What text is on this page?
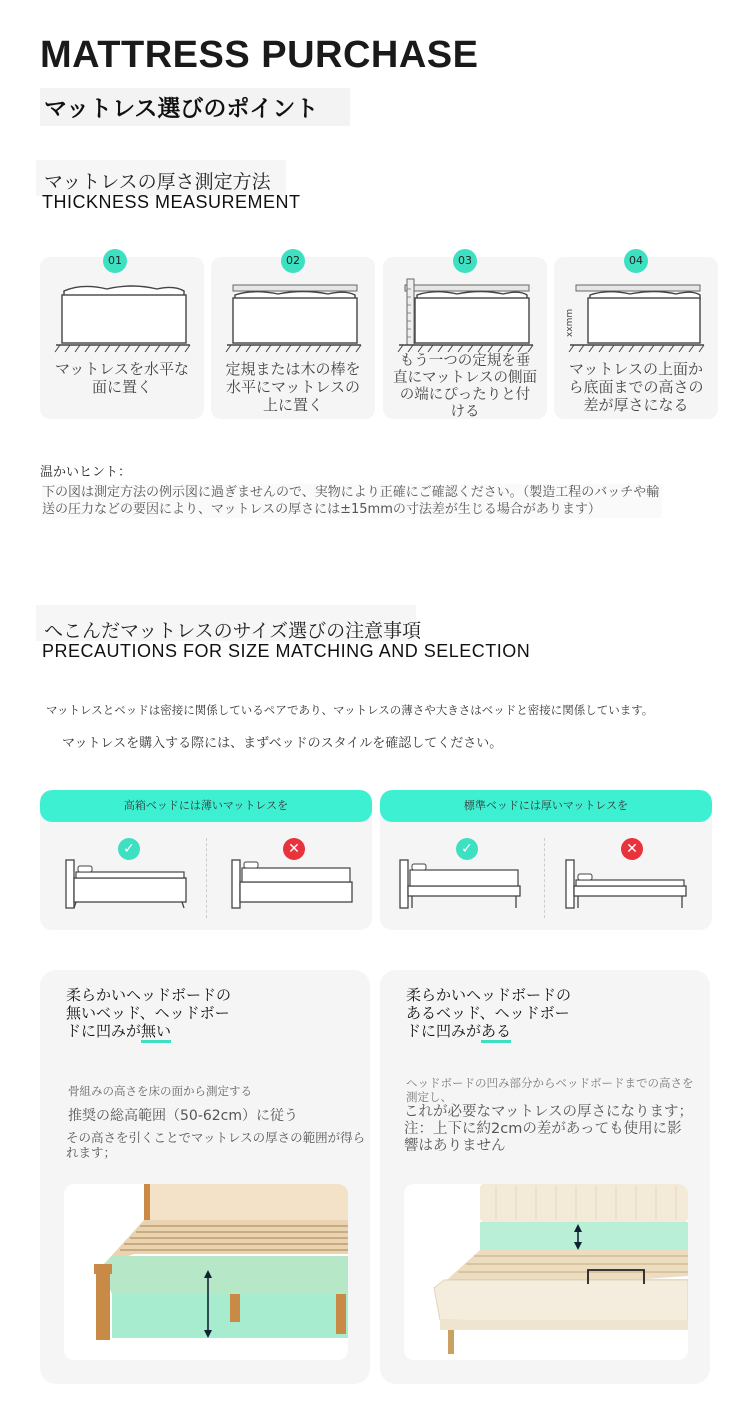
MATTRESS PURCHASE
マットレス選びのポイント
マットレスの厚さ測定方法
THICKNESS MEASUREMENT
マットレスを水平な面に置く
01
定規または木の棒を水平にマットレスの上に置く
02
もう一つの定規を垂直にマットレスの側面の端にぴったりと付ける
03
xxmm
マットレスの上面から底面までの高さの差が厚さになる
04
温かいヒント：
下の図は測定方法の例示図に過ぎませんので、実物により正確にご確認ください。（製造工程のバッチや輸送の圧力などの要因により、マットレスの厚さには±15mmの寸法差が生じる場合があります）
へこんだマットレスのサイズ選びの注意事項
PRECAUTIONS FOR SIZE MATCHING AND SELECTION
マットレスとベッドは密接に関係しているペアであり、マットレスの薄さや大きさはベッドと密接に関係しています。
マットレスを購入する際には、まずベッドのスタイルを確認してください。
高箱ベッドには薄いマットレスを
✓	✕
標準ベッドには厚いマットレスを
✓	✕
柔らかいヘッドボードの無いベッド、ヘッドボードに凹みが無い
骨組みの高さを床の面から測定する
推奨の総高範囲（50-62cm）に従う
その高さを引くことでマットレスの厚さの範囲が得られます；
柔らかいヘッドボードのあるベッド、ヘッドボードに凹みがある
ヘッドボードの凹み部分からベッドボードまでの高さを測定し、
これが必要なマットレスの厚さになります；注：上下に約2cmの差があっても使用に影響はありません
